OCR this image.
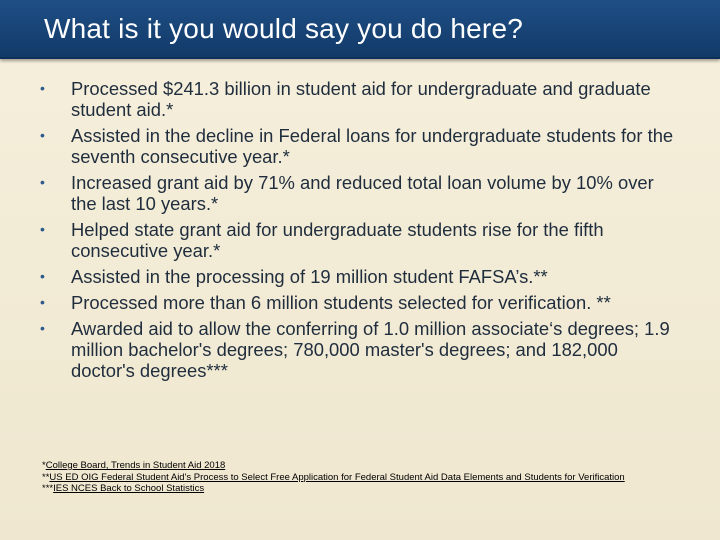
What is it you would say you do here?
•	Processed $241.3 billion in student aid for undergraduate and graduate student aid.*
•	Assisted in the decline in Federal loans for undergraduate students for the seventh consecutive year.*
•	Increased grant aid by 71% and reduced total loan volume by 10% over the last 10 years.*
•	Helped state grant aid for undergraduate students rise for the fifth consecutive year.*
•	Assisted in the processing of 19 million student FAFSA’s.**
•	Processed more than 6 million students selected for verification. **
•	Awarded aid to allow the conferring of 1.0 million associate‘s degrees; 1.9 million bachelor's degrees; 780,000 master's degrees; and 182,000 doctor's degrees***
*College Board, Trends in Student Aid 2018
**US ED OIG Federal Student Aid's Process to Select Free Application for Federal Student Aid Data Elements and Students for Verification
***IES NCES Back to School Statistics
